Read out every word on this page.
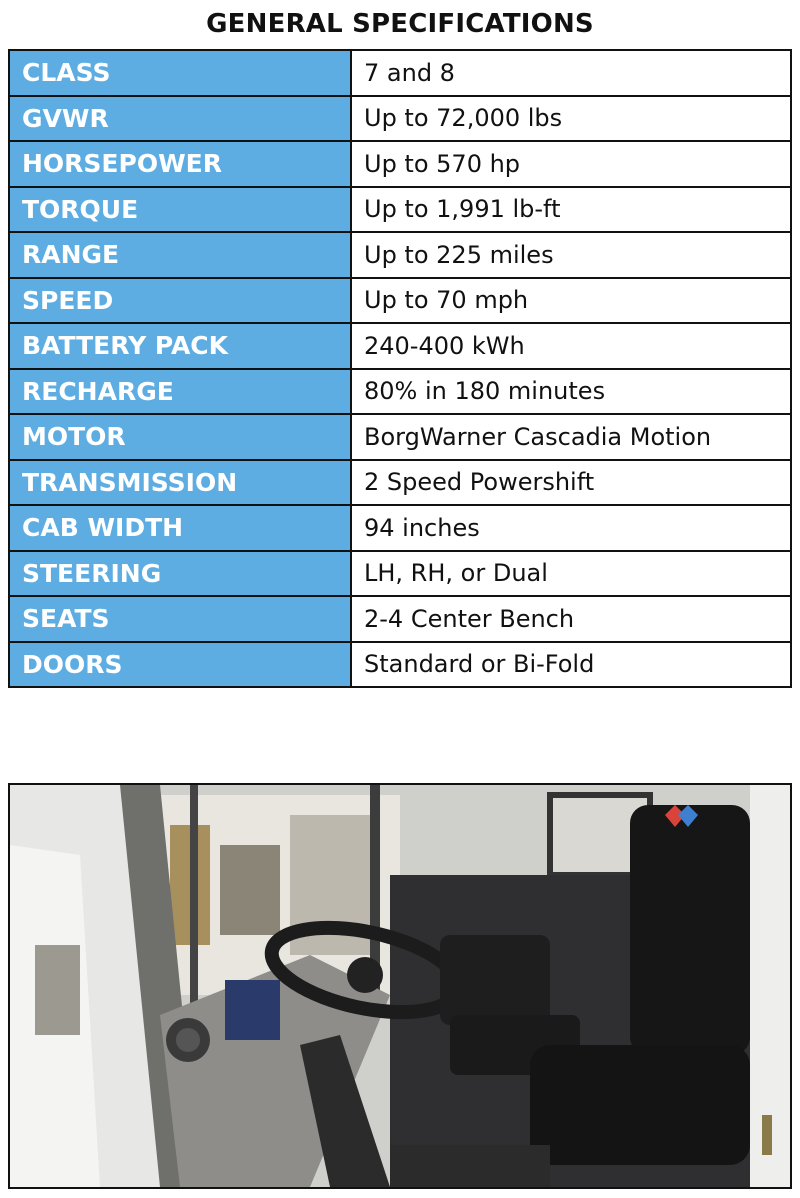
GENERAL SPECIFICATIONS
CLASS	7 and 8
GVWR	Up to 72,000 lbs
HORSEPOWER	Up to 570 hp
TORQUE	Up to 1,991 lb-ft
RANGE	Up to 225 miles
SPEED	Up to 70 mph
BATTERY PACK	240-400 kWh
RECHARGE	80% in 180 minutes
MOTOR	BorgWarner Cascadia Motion
TRANSMISSION	2 Speed Powershift
CAB WIDTH	94 inches
STEERING	LH, RH, or Dual
SEATS	2-4 Center Bench
DOORS	Standard or Bi-Fold
